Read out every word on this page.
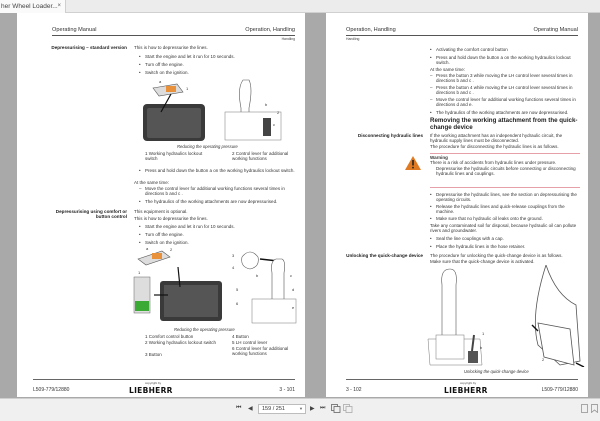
her Wheel Loader... ×
Operating Manual	Operation, Handling
Handling
Depressurising – standard version This is how to depressurise the lines.
• Start the engine and let it run for 10 seconds.
• Turn off the engine.
• Switch on the ignition.
a
1
b
2
c
Reducing the operating pressure
1 Working hydraulics lockout switch
2 Control lever for additional working functions
• Press and hold down the button a on the working hydraulics lockout switch.
At the same time:
– Move the control lever for additional working functions several times in directions b and c .
• The hydraulics of the working attachments are now depressurised.
Depressurising using comfort or button control
This equipment is optional.
This is how to depressurise the lines.
• Start the engine and let it run for 10 seconds.
• Turn off the engine.
• Switch on the ignition.
a	2
1
3
4
b	c
5
6
d
e
Reducing the operating pressure
1 Comfort control button
2 Working hydraulics lockout switch
3 Button
4 Button
5 LH control lever
6 Control lever for additional working functions
L509-779/12880
copyright by
LIEBHERR	3 - 101
Operation, Handling	Operating Manual
Handling
• Activating the comfort control button
• Press and hold down the button a on the working hydraulics lockout switch.
At the same time:
– Press the button 3 while moving the LH control lever several times in directions b and c .
– Press the button 4 while moving the LH control lever several times in directions b and c .
– Move the control lever for additional working functions several times in directions d and e.
• The hydraulics of the working attachments are now depressurised.
Removing the working attachment from the quick-change device
Disconnecting hydraulic lines If the working attachment has an independent hydraulic circuit, the hydraulic supply lines must be disconnected.
The procedure for disconnecting the hydraulic lines is as follows.
Warning
There is a risk of accidents from hydraulic lines under pressure.
Depressurise the hydraulic circuits before connecting or disconnecting hydraulic lines and couplings.
• Depressurise the hydraulic lines, see the section on depressurising the operating circuits.
• Release the hydraulic lines and quick-release couplings from the machine.
• Make sure that no hydraulic oil leaks onto the ground.
Take any contaminated soil for disposal, because hydraulic oil can pollute rivers and groundwater.
• Seal the line couplings with a cap.
• Place the hydraulic lines in the hose retainer.
Unlocking the quick-change device The procedure for unlocking the quick-change device is as follows.
Make sure that the quick-change device is activated.
1
b
2
Unlocking the quick-change device
3 - 102
copyright by
LIEBHERR	L509-779/12880
⏮ ◀	159 / 251	▼ ▶ ⏭
